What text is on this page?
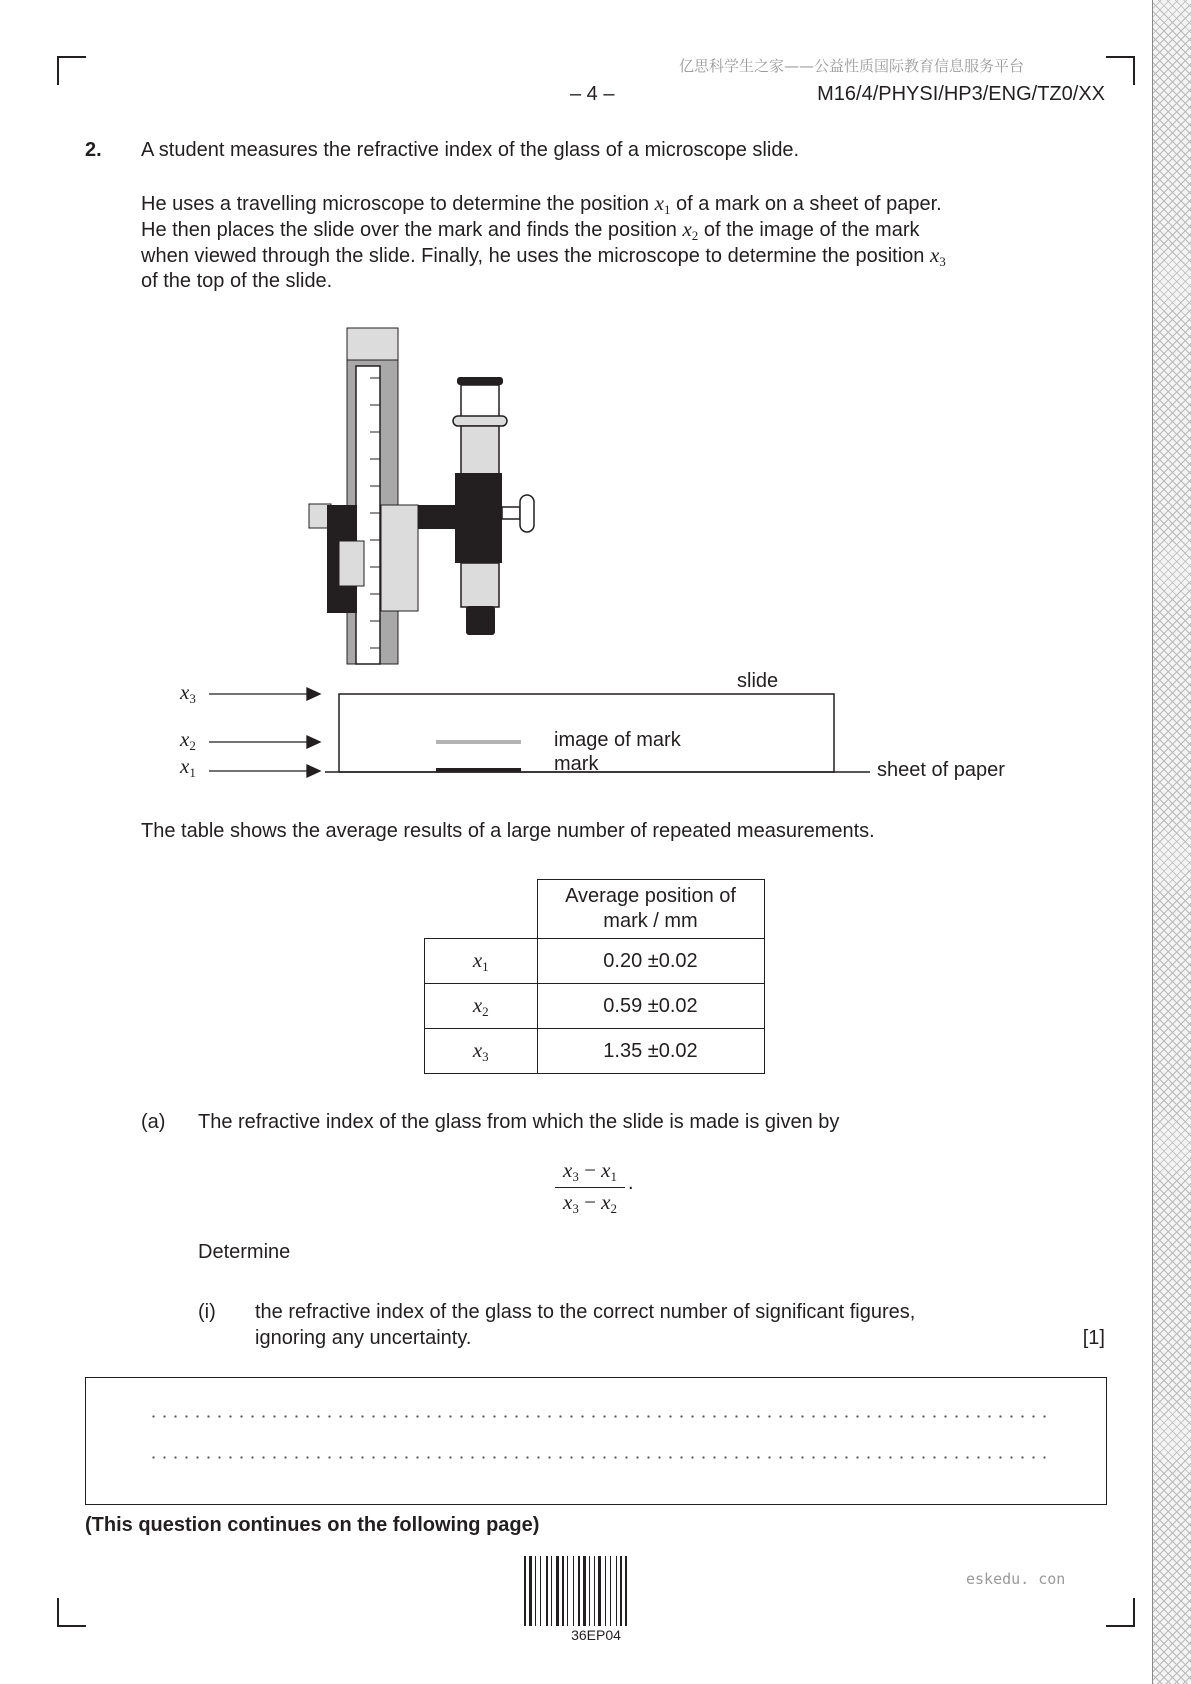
亿思科学生之家——公益性质国际教育信息服务平台
– 4 –	M16/4/PHYSI/HP3/ENG/TZ0/XX
2. A student measures the refractive index of the glass of a microscope slide.
He uses a travelling microscope to determine the position $x_1$ of a mark on a sheet of paper.
He then places the slide over the mark and finds the position $x_2$ of the image of the mark
when viewed through the slide. Finally, he uses the microscope to determine the position $x_3$
of the top of the slide.
$x_3$
$x_2$
$x_1$
slide
image of mark
mark	sheet of paper
The table shows the average results of a large number of repeated measurements.

	Average position of
mark / mm

$x_1$	0.20 ±0.02
$x_2$	0.59 ±0.02
$x_3$	1.35 ±0.02
(a) The refractive index of the glass from which the slide is made is given by
$\frac{x_3 - x_1}{x_3 - x_2}$ .
Determine
(i) the refractive index of the glass to the correct number of significant figures,
ignoring any uncertainty.	[1]
(This question continues on the following page)
36EP04
eskedu. con
